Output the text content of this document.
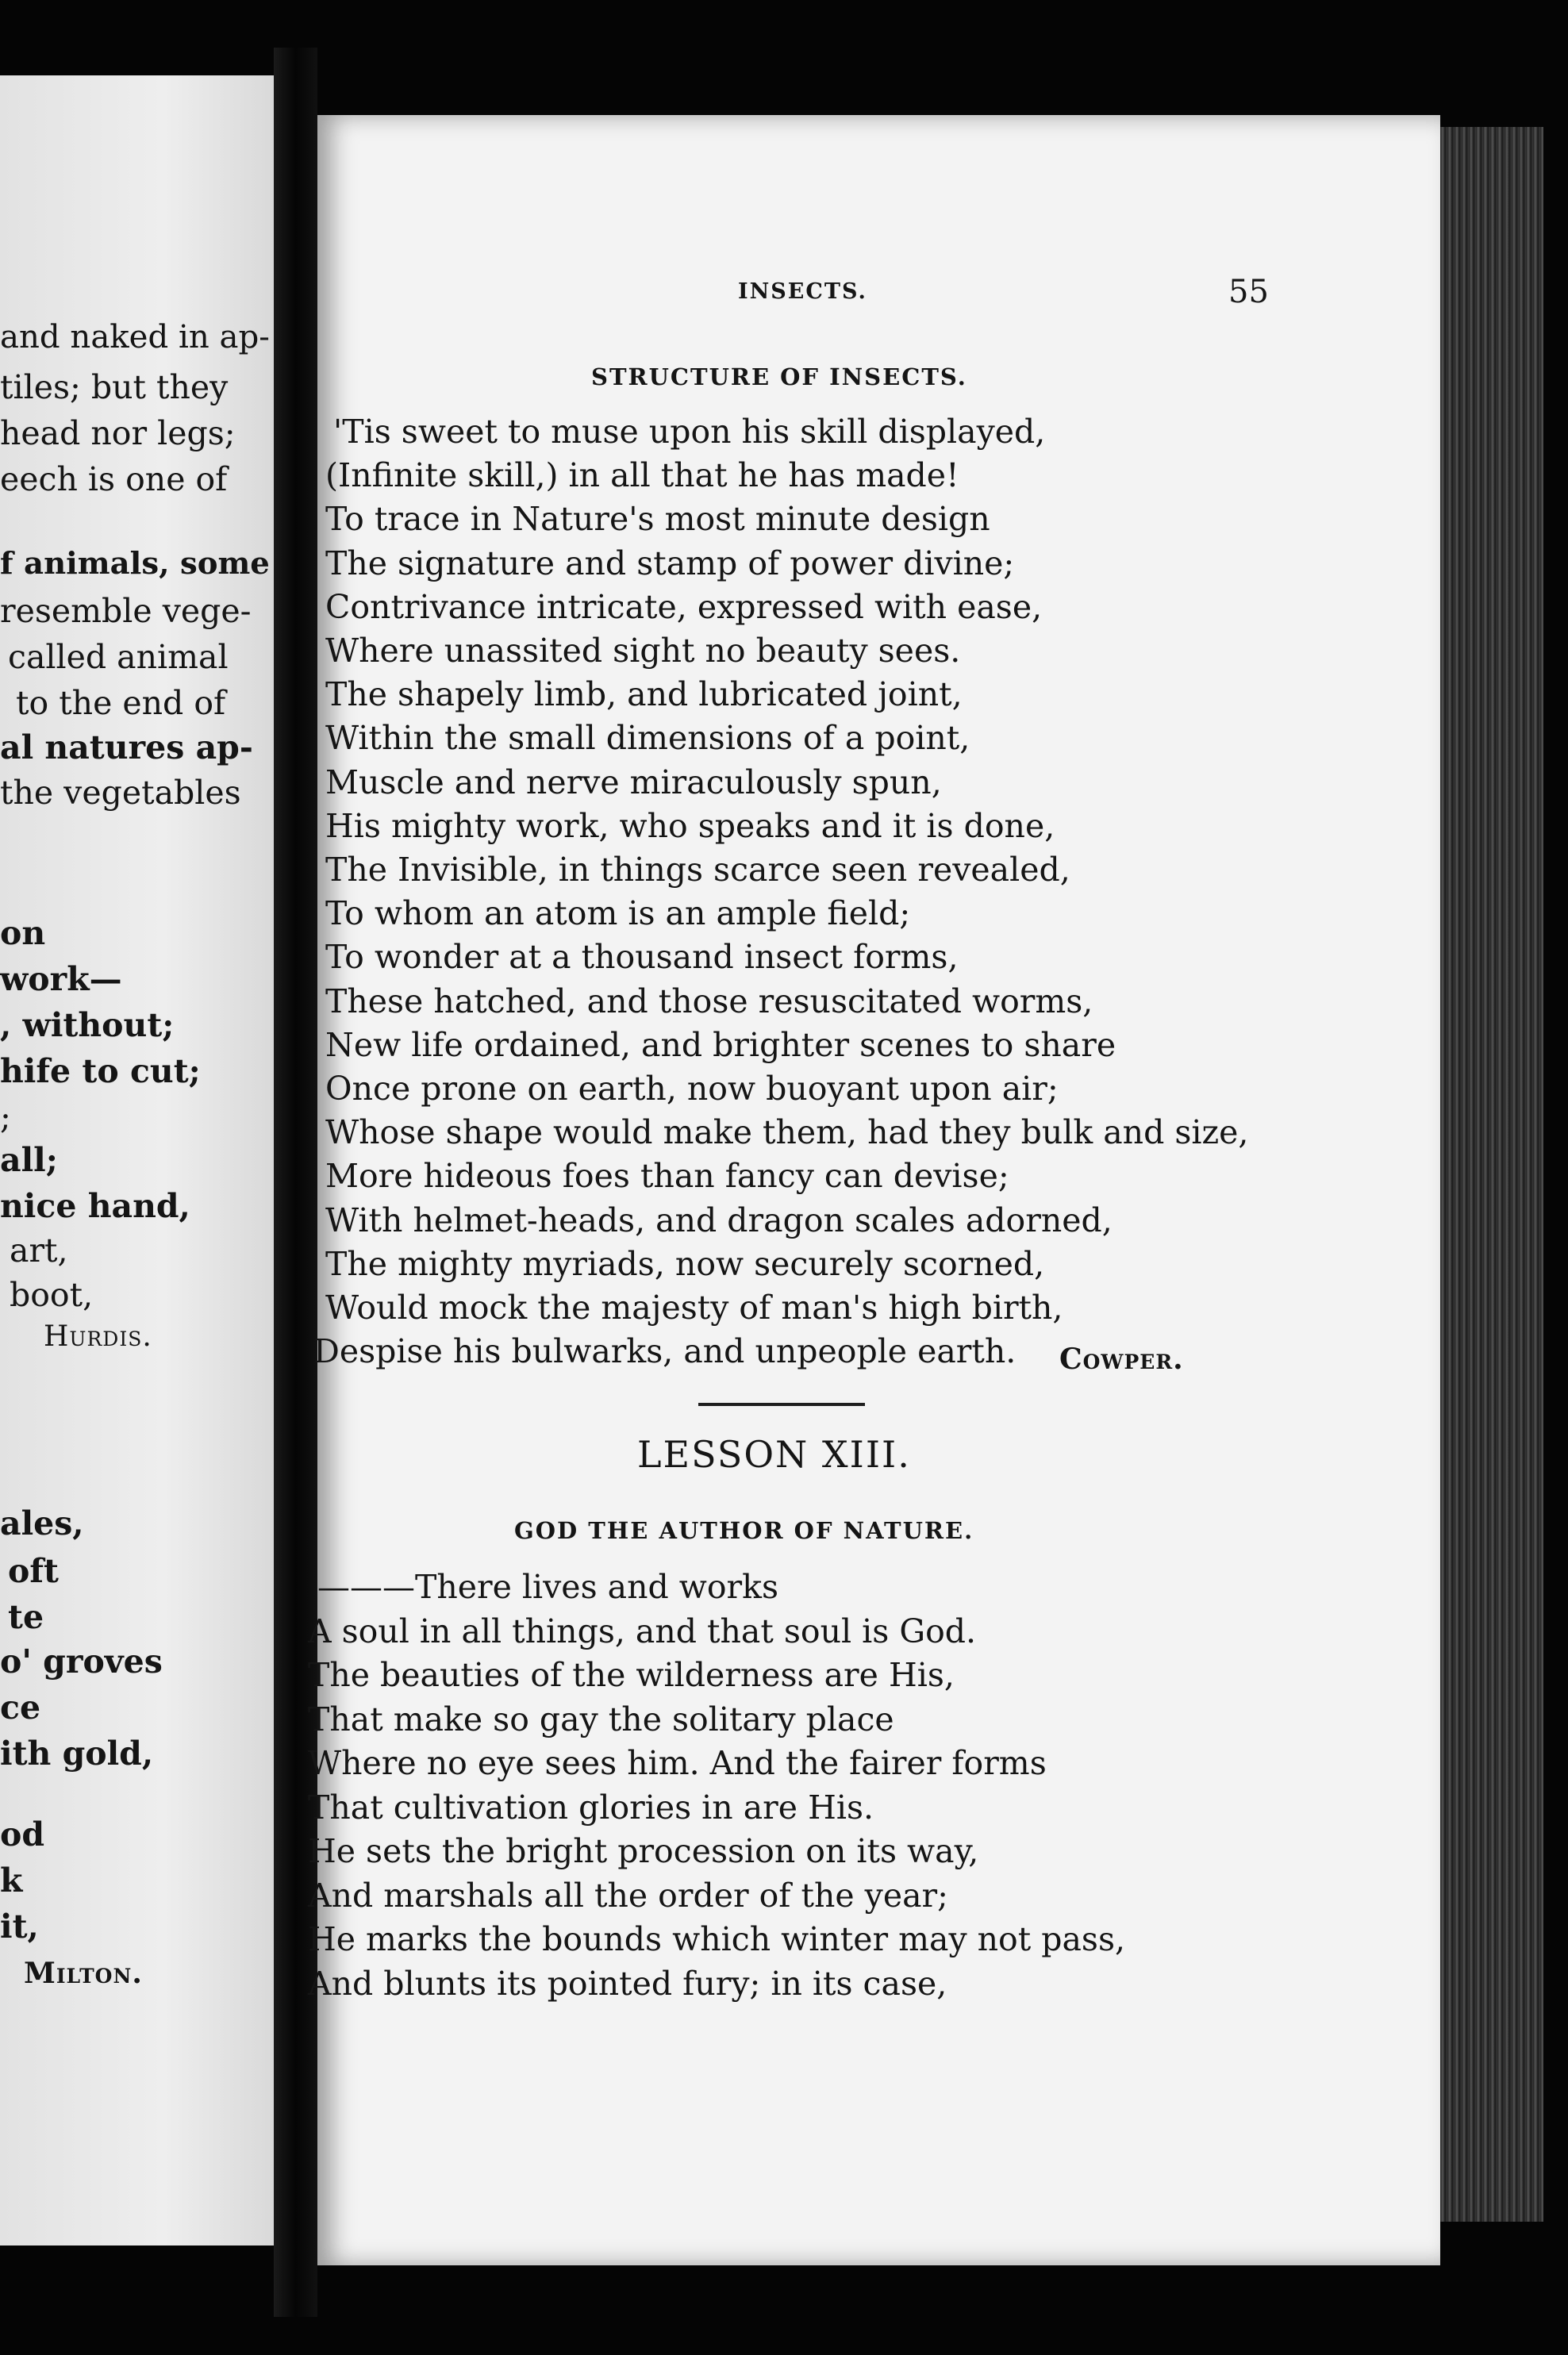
and naked in ap-
tiles; but they
head nor legs;
eech is one of
f animals, some
resemble vege-
called animal
to the end of
al natures ap-
the vegetables
on
work—
, without;
hife to cut;
;
all;
nice hand,
art,
boot,
Hurdis.
ales,
oft
te
o' groves
ce
ith gold,
od
k
it,
Milton.
INSECTS.	55
STRUCTURE OF INSECTS.
'Tis sweet to muse upon his skill displayed,
(Infinite skill,) in all that he has made!
To trace in Nature's most minute design
The signature and stamp of power divine;
Contrivance intricate, expressed with ease,
Where unassited sight no beauty sees.
The shapely limb, and lubricated joint,
Within the small dimensions of a point,
Muscle and nerve miraculously spun,
His mighty work, who speaks and it is done,
The Invisible, in things scarce seen revealed,
To whom an atom is an ample field;
To wonder at a thousand insect forms,
These hatched, and those resuscitated worms,
New life ordained, and brighter scenes to share
Once prone on earth, now buoyant upon air;
Whose shape would make them, had they bulk and size,
More hideous foes than fancy can devise;
With helmet-heads, and dragon scales adorned,
The mighty myriads, now securely scorned,
Would mock the majesty of man's high birth,
Despise his bulwarks, and unpeople earth. Cowper.
LESSON XIII.
GOD THE AUTHOR OF NATURE.
———There lives and works
A soul in all things, and that soul is God.
The beauties of the wilderness are His,
That make so gay the solitary place
Where no eye sees him. And the fairer forms
That cultivation glories in are His.
He sets the bright procession on its way,
And marshals all the order of the year;
He marks the bounds which winter may not pass,
And blunts its pointed fury; in its case,
